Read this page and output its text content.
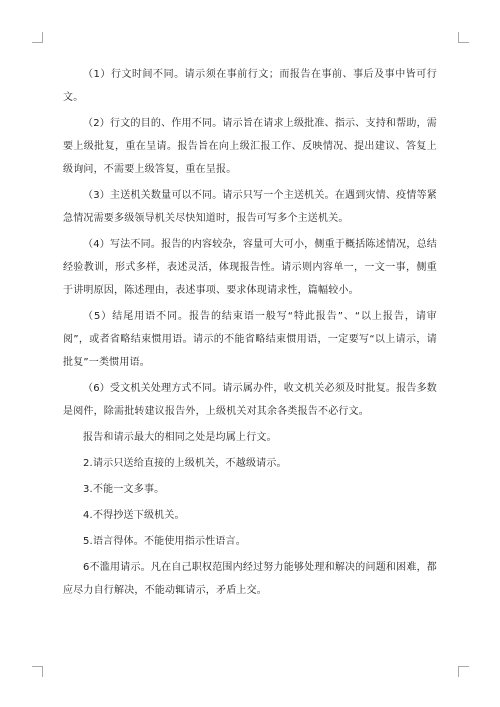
（1）行文时间不同。请示须在事前行文；而报告在事前、事后及事中皆可行文。

（2）行文的目的、作用不同。请示旨在请求上级批准、指示、支持和帮助，需要上级批复，重在呈请。报告旨在向上级汇报工作、反映情况、提出建议、答复上级询问，不需要上级答复，重在呈报。

（3）主送机关数量可以不同。请示只写一个主送机关。在遇到灾情、疫情等紧急情况需要多级领导机关尽快知道时，报告可写多个主送机关。

（4）写法不同。报告的内容较杂，容量可大可小，侧重于概括陈述情况，总结经验教训，形式多样，表述灵活，体现报告性。请示则内容单一，一文一事，侧重于讲明原因，陈述理由，表述事项、要求体现请求性，篇幅较小。

（5）结尾用语不同。报告的结束语一般写“特此报告”、“以上报告，请审阅”，或者省略结束惯用语。请示的不能省略结束惯用语，一定要写“以上请示，请批复”一类惯用语。

（6）受文机关处理方式不同。请示属办件，收文机关必须及时批复。报告多数是阅件，除需批转建议报告外，上级机关对其余各类报告不必行文。

报告和请示最大的相同之处是均属上行文。

2.请示只送给直接的上级机关，不越级请示。

3.不能一文多事。

4.不得抄送下级机关。

5.语言得体。不能使用指示性语言。

6不滥用请示。凡在自己职权范围内经过努力能够处理和解决的问题和困难，都应尽力自行解决，不能动辄请示，矛盾上交。
